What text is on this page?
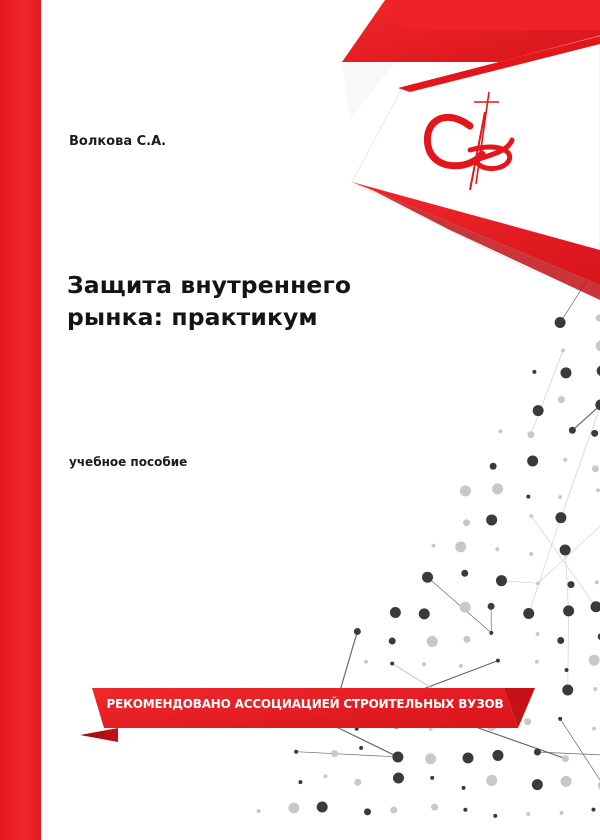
Волкова С.А.
Защита внутреннего
рынка: практикум
учебное пособие
РЕКОМЕНДОВАНО АССОЦИАЦИЕЙ СТРОИТЕЛЬНЫХ ВУЗОВ
